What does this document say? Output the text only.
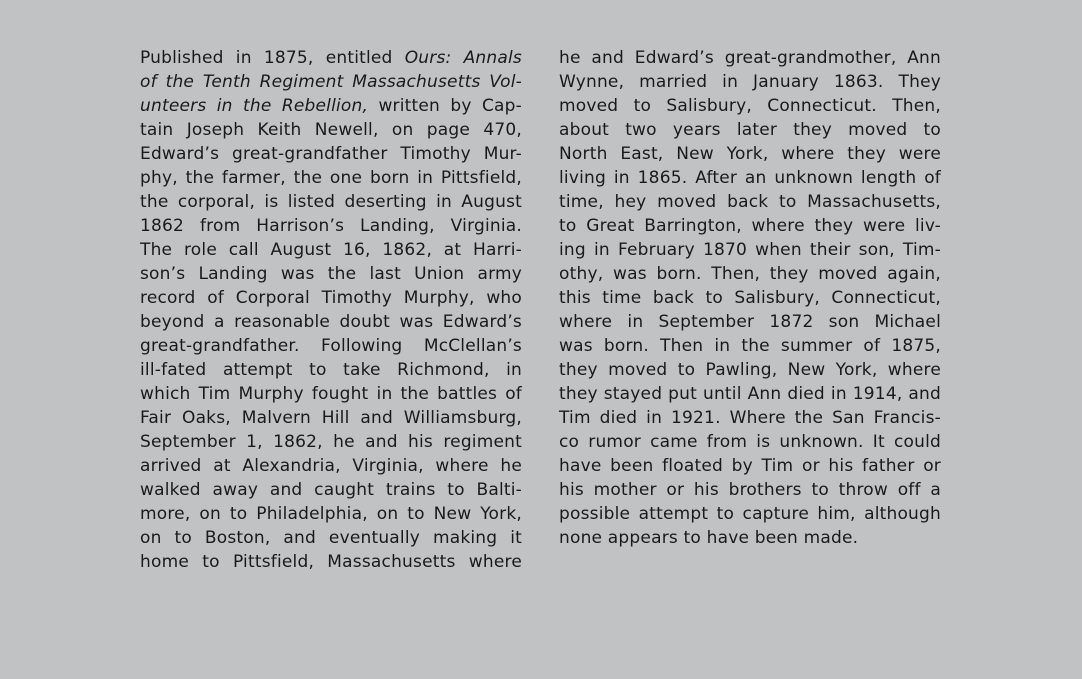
Published in 1875, entitled Ours: Annals
of the Tenth Regiment Massachusetts Vol-
unteers in the Rebellion, written by Cap-
tain Joseph Keith Newell, on page 470,
Edward’s great-grandfather Timothy Mur-
phy, the farmer, the one born in Pittsfield,
the corporal, is listed deserting in August
1862 from Harrison’s Landing, Virginia.
The role call August 16, 1862, at Harri-
son’s Landing was the last Union army
record of Corporal Timothy Murphy, who
beyond a reasonable doubt was Edward’s
great-grandfather. Following McClellan’s
ill-fated attempt to take Richmond, in
which Tim Murphy fought in the battles of
Fair Oaks, Malvern Hill and Williamsburg,
September 1, 1862, he and his regiment
arrived at Alexandria, Virginia, where he
walked away and caught trains to Balti-
more, on to Philadelphia, on to New York,
on to Boston, and eventually making it
home to Pittsfield, Massachusetts where
he and Edward’s great-grandmother, Ann
Wynne, married in January 1863. They
moved to Salisbury, Connecticut. Then,
about two years later they moved to
North East, New York, where they were
living in 1865. After an unknown length of
time, hey moved back to Massachusetts,
to Great Barrington, where they were liv-
ing in February 1870 when their son, Tim-
othy, was born. Then, they moved again,
this time back to Salisbury, Connecticut,
where in September 1872 son Michael
was born. Then in the summer of 1875,
they moved to Pawling, New York, where
they stayed put until Ann died in 1914, and
Tim died in 1921. Where the San Francis-
co rumor came from is unknown. It could
have been floated by Tim or his father or
his mother or his brothers to throw off a
possible attempt to capture him, although
none appears to have been made.
